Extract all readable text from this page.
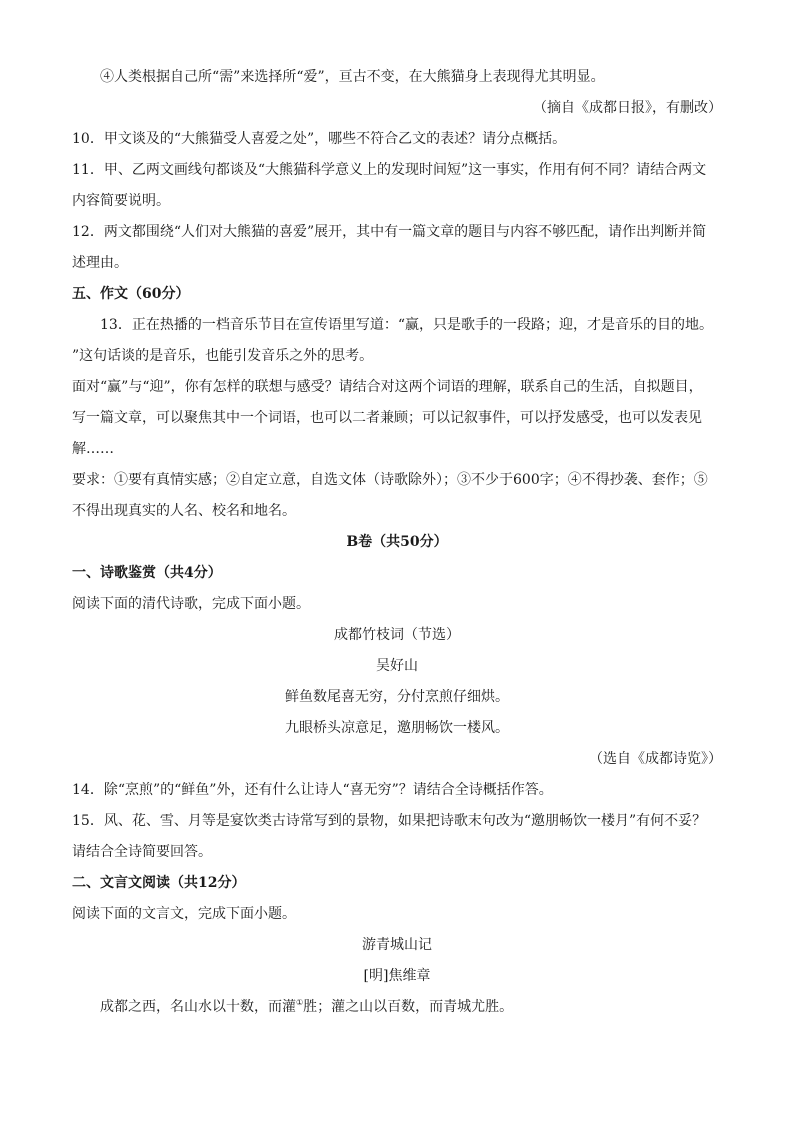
④人类根据自己所“需”来选择所“爱”，亘古不变，在大熊猫身上表现得尤其明显。
（摘自《成都日报》，有删改）
10．甲文谈及的“大熊猫受人喜爱之处”，哪些不符合乙文的表述？请分点概括。
11．甲、乙两文画线句都谈及“大熊猫科学意义上的发现时间短”这一事实，作用有何不同？请结合两文
内容简要说明。
12．两文都围绕“人们对大熊猫的喜爱”展开，其中有一篇文章的题目与内容不够匹配，请作出判断并简
述理由。
五、作文（60分）
13．正在热播的一档音乐节目在宣传语里写道：“赢，只是歌手的一段路；迎，才是音乐的目的地。
”这句话谈的是音乐，也能引发音乐之外的思考。
面对“赢”与“迎”，你有怎样的联想与感受？请结合对这两个词语的理解，联系自己的生活，自拟题目，
写一篇文章，可以聚焦其中一个词语，也可以二者兼顾；可以记叙事件，可以抒发感受，也可以发表见
解……
要求：①要有真情实感；②自定立意，自选文体（诗歌除外）；③不少于600字；④不得抄袭、套作；⑤
不得出现真实的人名、校名和地名。
B卷（共50分）
一、诗歌鉴赏（共4分）
阅读下面的清代诗歌，完成下面小题。
成都竹枝词（节选）
吴好山
鲜鱼数尾喜无穷，分付烹煎仔细烘。
九眼桥头凉意足，邀朋畅饮一楼风。
（选自《成都诗览》）
14．除“烹煎”的“鲜鱼”外，还有什么让诗人“喜无穷”？请结合全诗概括作答。
15．风、花、雪、月等是宴饮类古诗常写到的景物，如果把诗歌末句改为“邀朋畅饮一楼月”有何不妥？
请结合全诗简要回答。
二、文言文阅读（共12分）
阅读下面的文言文，完成下面小题。
游青城山记
[明]焦维章
成都之西，名山水以十数，而灌①胜；灌之山以百数，而青城尤胜。
